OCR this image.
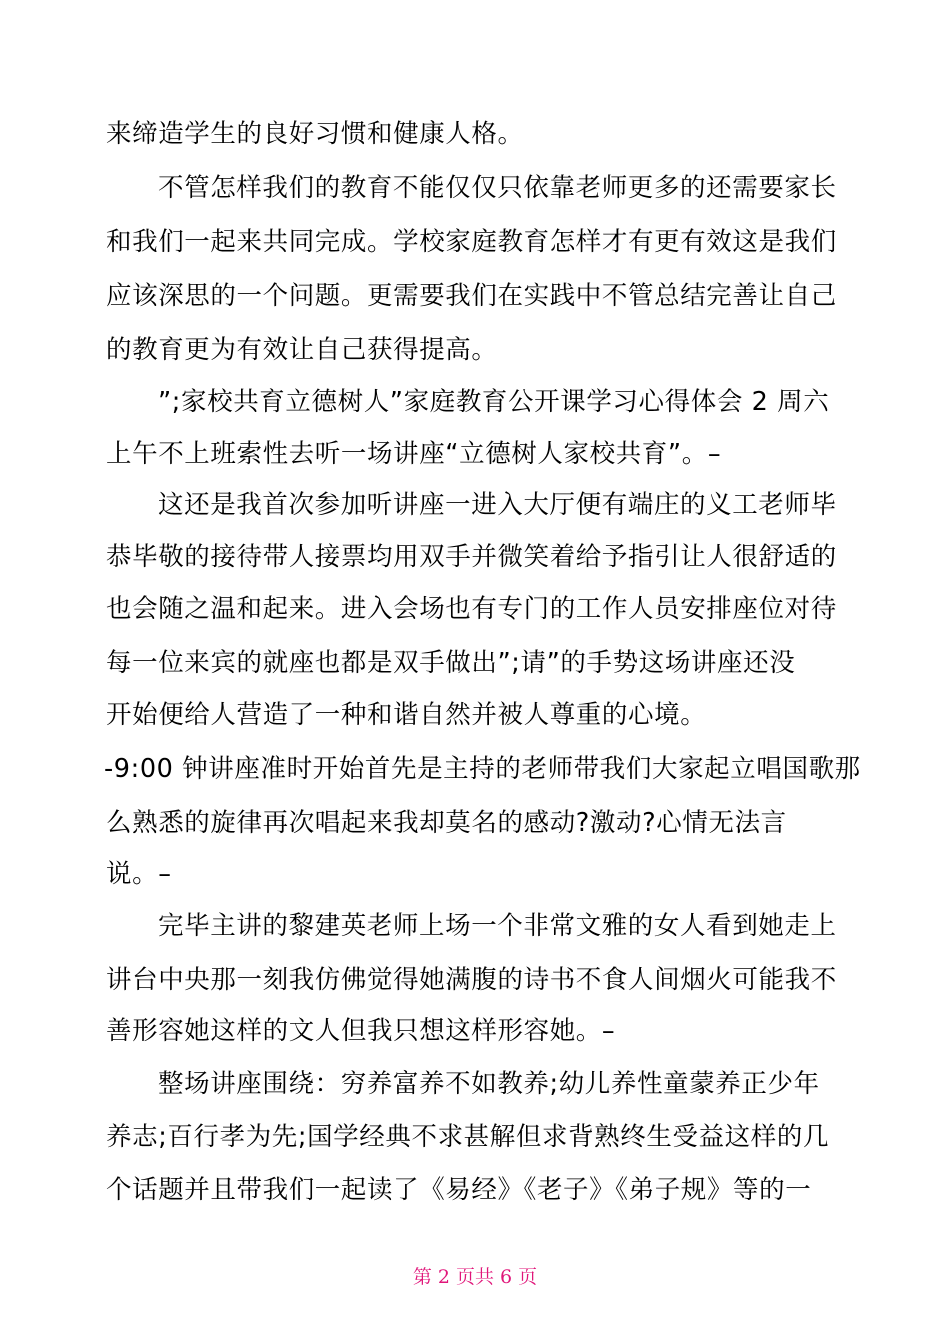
来缔造学生的良好习惯和健康人格。
不管怎样我们的教育不能仅仅只依靠老师更多的还需要家长
和我们一起来共同完成。学校家庭教育怎样才有更有效这是我们
应该深思的一个问题。更需要我们在实践中不管总结完善让自己
的教育更为有效让自己获得提高。
”;家校共育立德树人”家庭教育公开课学习心得体会 2 周六
上午不上班索性去听一场讲座“立德树人家校共育”。–
这还是我首次参加听讲座一进入大厅便有端庄的义工老师毕
恭毕敬的接待带人接票均用双手并微笑着给予指引让人很舒适的
也会随之温和起来。进入会场也有专门的工作人员安排座位对待
每一位来宾的就座也都是双手做出”;请”的手势这场讲座还没
开始便给人营造了一种和谐自然并被人尊重的心境。
-9:00 钟讲座准时开始首先是主持的老师带我们大家起立唱国歌那
么熟悉的旋律再次唱起来我却莫名的感动?激动?心情无法言
说。–
完毕主讲的黎建英老师上场一个非常文雅的女人看到她走上
讲台中央那一刻我仿佛觉得她满腹的诗书不食人间烟火可能我不
善形容她这样的文人但我只想这样形容她。–
整场讲座围绕：穷养富养不如教养;幼儿养性童蒙养正少年
养志;百行孝为先;国学经典不求甚解但求背熟终生受益这样的几
个话题并且带我们一起读了《易经》《老子》《弟子规》等的一
第 2 页共 6 页
